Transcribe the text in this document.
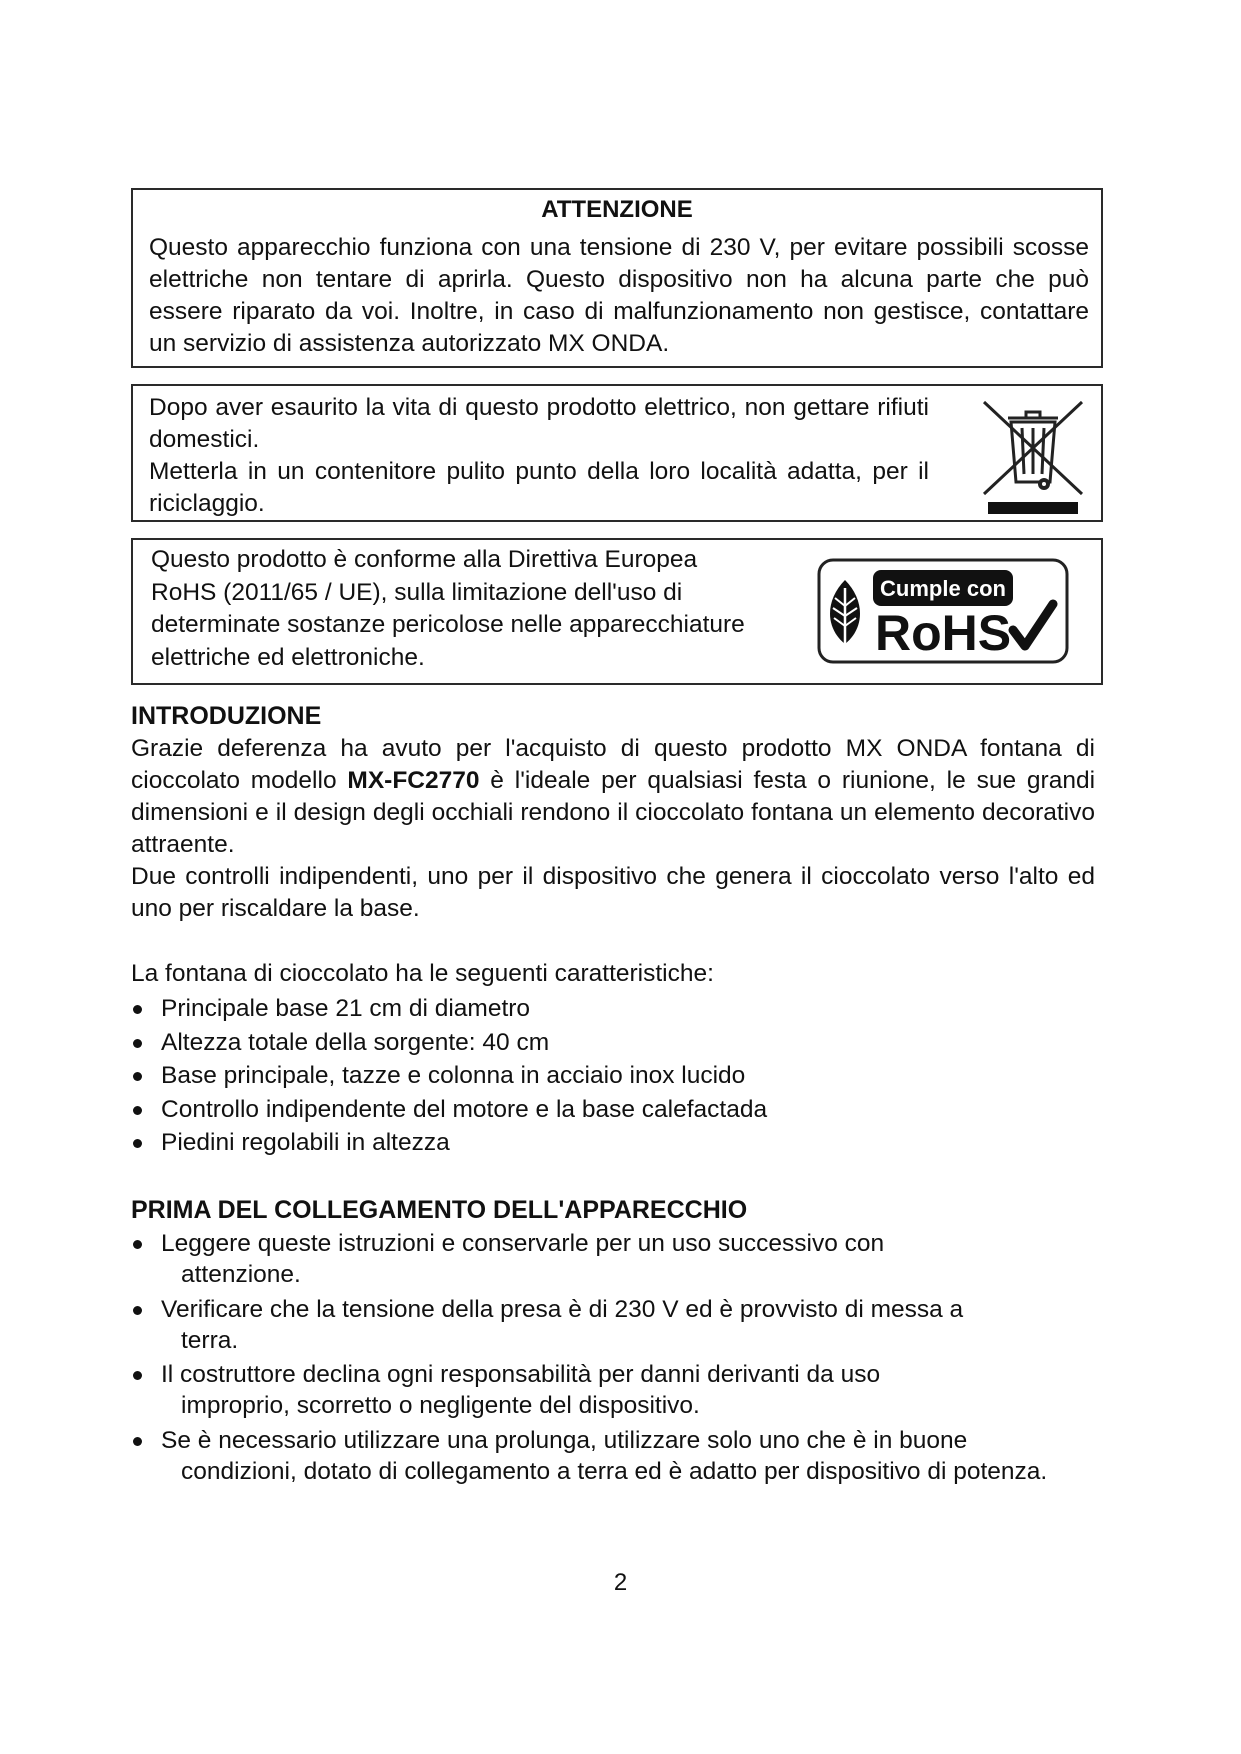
ATTENZIONE
Questo apparecchio funziona con una tensione di 230 V, per evitare possibili scosse elettriche non tentare di aprirla. Questo dispositivo non ha alcuna parte che può essere riparato da voi. Inoltre, in caso di malfunzionamento non gestisce, contattare un servizio di assistenza autorizzato MX ONDA.

Dopo aver esaurito la vita di questo prodotto elettrico, non gettare rifiuti domestici.

Metterla in un contenitore pulito punto della loro località adatta, per il riciclaggio.

Questo prodotto è conforme alla Direttiva Europea RoHS (2011/65 / UE), sulla limitazione dell'uso di determinate sostanze pericolose nelle apparecchiature elettriche ed elettroniche.
Cumple con
RoHS
INTRODUZIONE

Grazie deferenza ha avuto per l'acquisto di questo prodotto MX ONDA fontana di cioccolato modello MX-FC2770 è l'ideale per qualsiasi festa o riunione, le sue grandi dimensioni e il design degli occhiali rendono il cioccolato fontana un elemento decorativo attraente.

Due controlli indipendenti, uno per il dispositivo che genera il cioccolato verso l'alto ed uno per riscaldare la base.

La fontana di cioccolato ha le seguenti caratteristiche:
Principale base 21 cm di diametro
Altezza totale della sorgente: 40 cm
Base principale, tazze e colonna in acciaio inox lucido
Controllo indipendente del motore e la base calefactada
Piedini regolabili in altezza
PRIMA DEL COLLEGAMENTO DELL'APPARECCHIO
Leggere queste istruzioni e conservarle per un uso successivo con
attenzione.
Verificare che la tensione della presa è di 230 V ed è provvisto di messa a
terra.
Il costruttore declina ogni responsabilità per danni derivanti da uso
improprio, scorretto o negligente del dispositivo.
Se è necessario utilizzare una prolunga, utilizzare solo uno che è in buone
condizioni, dotato di collegamento a terra ed è adatto per dispositivo di potenza.
2
